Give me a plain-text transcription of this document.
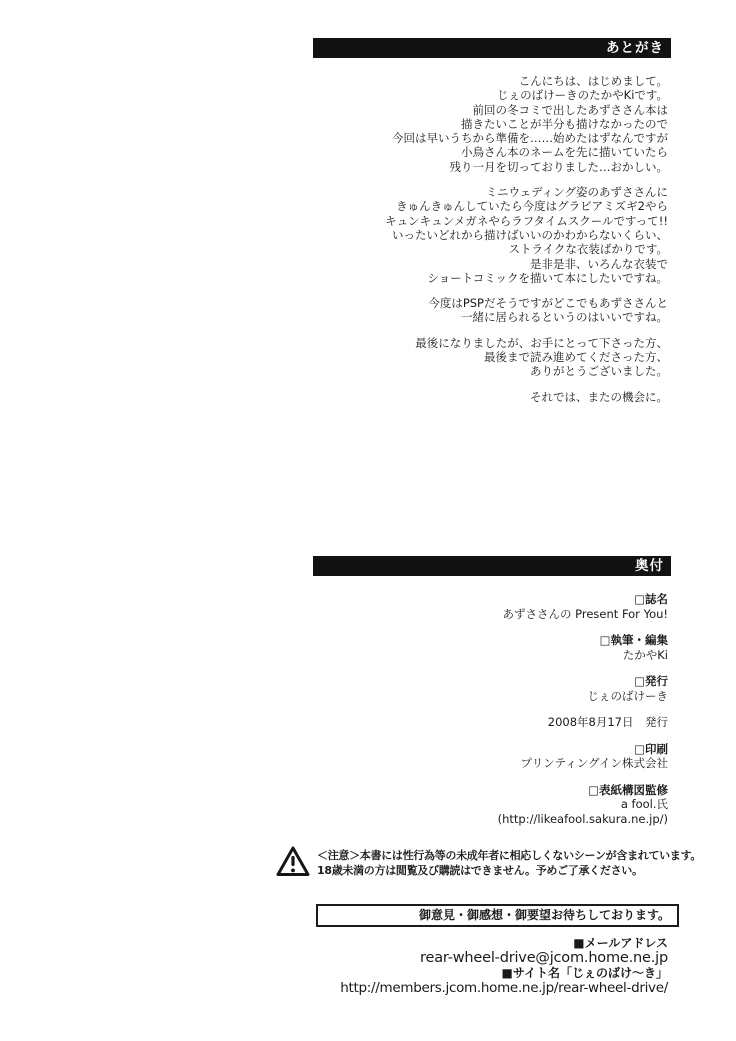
あとがき
こんにちは、はじめまして。
じぇのばけーきのたかやKiです。
前回の冬コミで出したあずささん本は
描きたいことが半分も描けなかったので
今回は早いうちから準備を……始めたはずなんですが
小鳥さん本のネームを先に描いていたら
残り一月を切っておりました…おかしい。
ミニウェディング姿のあずささんに
きゅんきゅんしていたら今度はグラビアミズギ2やら
キュンキュンメガネやらラフタイムスクールですって!!
いったいどれから描けばいいのかわからないくらい、
ストライクな衣装ばかりです。
是非是非、いろんな衣装で
ショートコミックを描いて本にしたいですね。
今度はPSPだそうですがどこでもあずささんと
一緒に居られるというのはいいですね。
最後になりましたが、お手にとって下さった方、
最後まで読み進めてくださった方、
ありがとうございました。
それでは、またの機会に。
奥付
□誌名
あずささんの Present For You!
□執筆・編集
たかやKi
□発行
じぇのばけーき
2008年8月17日　発行
□印刷
プリンティングイン株式会社
□表紙構図監修
a fool.氏
(http://likeafool.sakura.ne.jp/)
＜注意＞本書には性行為等の未成年者に相応しくないシーンが含まれています。
18歳未満の方は閲覧及び購読はできません。予めご了承ください。
御意見・御感想・御要望お待ちしております。
■メールアドレス
rear-wheel-drive@jcom.home.ne.jp
■サイト名「じぇのばけ～き」
http://members.jcom.home.ne.jp/rear-wheel-drive/
